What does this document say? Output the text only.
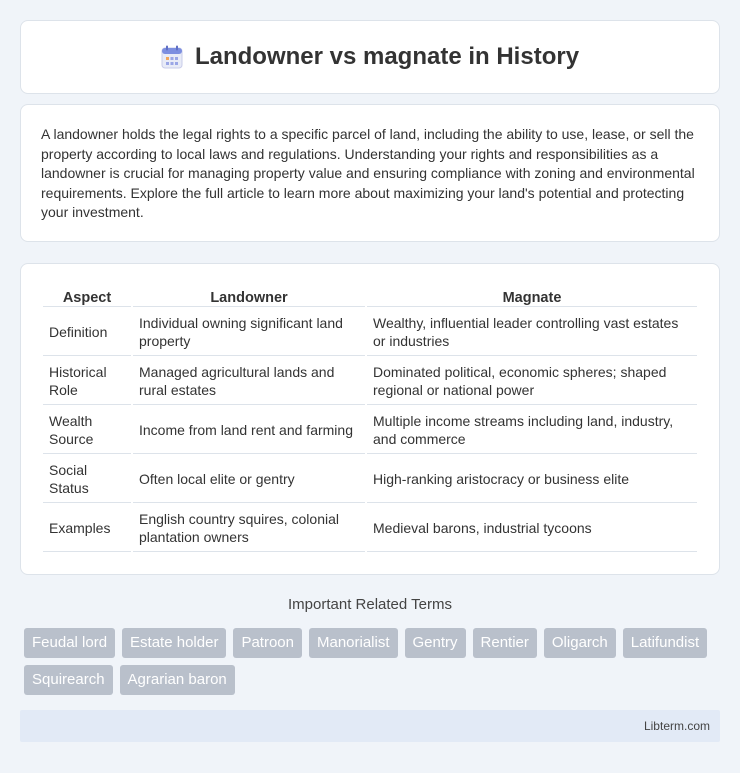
Landowner vs magnate in History

A landowner holds the legal rights to a specific parcel of land, including the ability to use, lease, or sell the property according to local laws and regulations. Understanding your rights and responsibilities as a landowner is crucial for managing property value and ensuring compliance with zoning and environmental requirements. Explore the full article to learn more about maximizing your land's potential and protecting your investment.

Aspect	Landowner	Magnate
Definition	Individual owning significant land property	Wealthy, influential leader controlling vast estates or industries
Historical Role	Managed agricultural lands and rural estates	Dominated political, economic spheres; shaped regional or national power
Wealth Source	Income from land rent and farming	Multiple income streams including land, industry, and commerce
Social Status	Often local elite or gentry	High-ranking aristocracy or business elite
Examples	English country squires, colonial plantation owners	Medieval barons, industrial tycoons
Important Related Terms
Feudal lord	Estate holder	Patroon	Manorialist	Gentry	Rentier	Oligarch	Latifundist
Squirearch	Agrarian baron
Libterm.com
